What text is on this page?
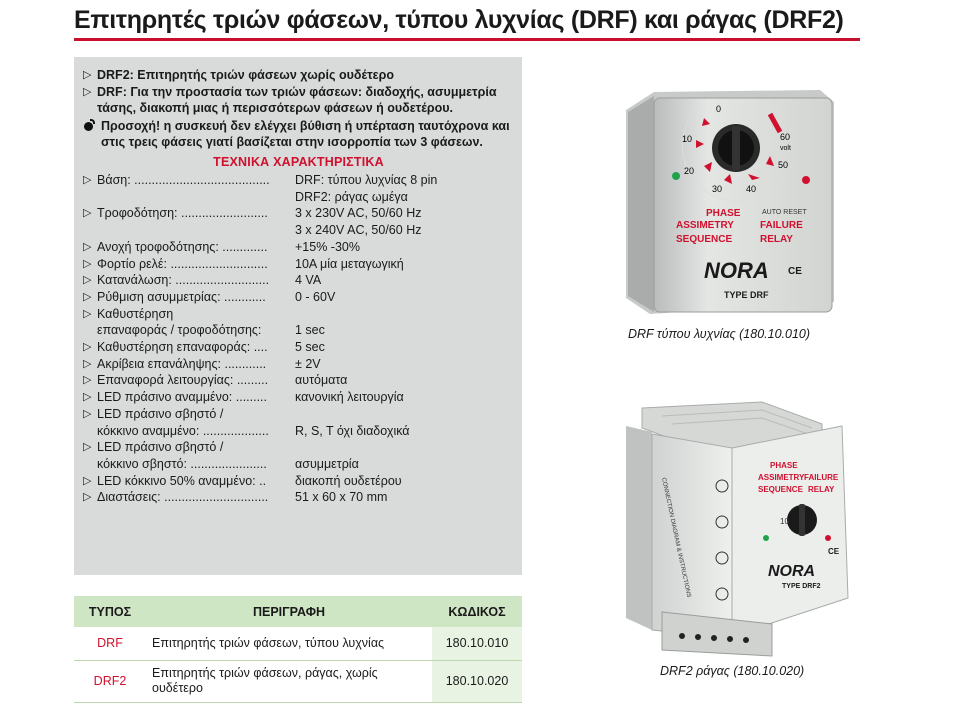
Επιτηρητές τριών φάσεων, τύπου λυχνίας (DRF) και ράγας (DRF2)
▷ DRF2: Επιτηρητής τριών φάσεων χωρίς ουδέτερο
▷ DRF: Για την προστασία των τριών φάσεων: διαδοχής, ασυμμετρία τάσης, διακοπή μιας ή περισσότερων φάσεων ή ουδετέρου.
Προσοχή! η συσκευή δεν ελέγχει βύθιση ή υπέρταση ταυτόχρονα και στις τρεις φάσεις γιατί βασίζεται στην ισορροπία των 3 φάσεων.
ΤΕΧΝΙΚΑ ΧΑΡΑΚΤΗΡΙΣΤΙΚΑ
▷ Βάση: .......................................	DRF: τύπου λυχνίας 8 pin
DRF2: ράγας ωμέγα
▷ Τροφοδότηση: .........................	3 x 230V AC, 50/60 Hz
3 x 240V AC, 50/60 Hz
▷ Ανοχή τροφοδότησης: .............	+15% -30%
▷ Φορτίο ρελέ: ............................	10A μία μεταγωγική
▷ Κατανάλωση: ...........................	4 VA
▷ Ρύθμιση ασυμμετρίας: ............	0 - 60V
▷ Καθυστέρηση
επαναφοράς / τροφοδότησης:	1 sec
▷ Καθυστέρηση επαναφοράς: ....	5 sec
▷ Ακρίβεια επανάληψης: ............	± 2V
▷ Επαναφορά λειτουργίας: .........	αυτόματα
▷ LED πράσινο αναμμένο: .........	κανονική λειτουργία
▷ LED πράσινο σβηστό /
κόκκινο αναμμένο: ...................	R, S, T όχι διαδοχικά
▷ LED πράσινο σβηστό /
κόκκινο σβηστό: ......................	ασυμμετρία
▷ LED κόκκινο 50% αναμμένο: ..	διακοπή ουδετέρου
▷ Διαστάσεις: ..............................	51 x 60 x 70 mm
ΤΥΠΟΣ	ΠΕΡΙΓΡΑΦΗ	ΚΩΔΙΚΟΣ
DRF	Επιτηρητής τριών φάσεων, τύπου λυχνίας	180.10.010
DRF2	Επιτηρητής τριών φάσεων, ράγας, χωρίς ουδέτερο	180.10.020
0
10
20
30	40
50
60
volt
PHASE
ASSIMETRY
SEQUENCE
AUTO RESET
FAILURE
RELAY
NORA
TYPE DRF
CE
DRF τύπου λυχνίας (180.10.010)
CONNECTION DIAGRAM & INSTRUCTIONS
PHASE
ASSIMETRY
SEQUENCE
FAILURE
RELAY
10
NORA
TYPE DRF2
CE
DRF2 ράγας (180.10.020)
